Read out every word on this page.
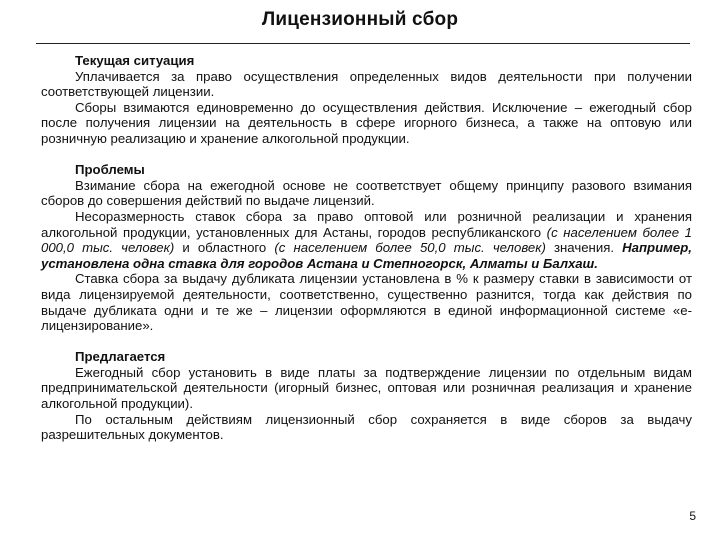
Лицензионный сбор
Текущая ситуация

Уплачивается за право осуществления определенных видов деятельности при получении соответствующей лицензии.

Сборы взимаются единовременно до осуществления действия. Исключение – ежегодный сбор после получения лицензии на деятельность в сфере игорного бизнеса, а также на оптовую или розничную реализацию и хранение алкогольной продукции.

Проблемы

Взимание сбора на ежегодной основе не соответствует общему принципу разового взимания сборов до совершения действий по выдаче лицензий.

Несоразмерность ставок сбора за право оптовой или розничной реализации и хранения алкогольной продукции, установленных для Астаны, городов республиканского (с населением более 1 000,0 тыс. человек) и областного (с населением более 50,0 тыс. человек) значения. Например, установлена одна ставка для городов Астана и Степногорск, Алматы и Балхаш.

Ставка сбора за выдачу дубликата лицензии установлена в % к размеру ставки в зависимости от вида лицензируемой деятельности, соответственно, существенно разнится, тогда как действия по выдаче дубликата одни и те же – лицензии оформляются в единой информационной системе «е-лицензирование».

Предлагается

Ежегодный сбор установить в виде платы за подтверждение лицензии по отдельным видам предпринимательской деятельности (игорный бизнес, оптовая или розничная реализация и хранение алкогольной продукции).

По остальным действиям лицензионный сбор сохраняется в виде сборов за выдачу разрешительных документов.

5
